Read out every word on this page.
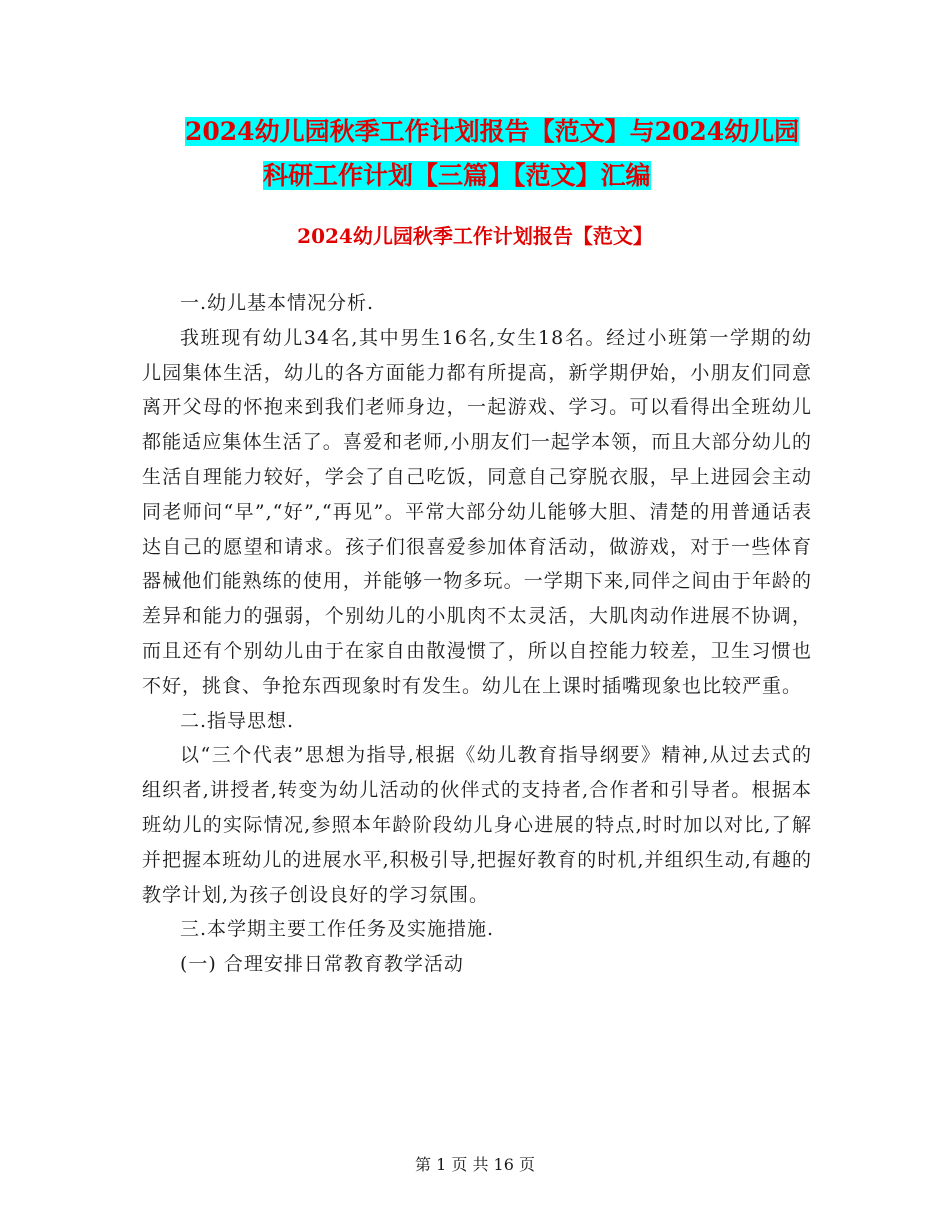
2024幼儿园秋季工作计划报告【范文】与2024幼儿园
科研工作计划【三篇】【范文】汇编
2024幼儿园秋季工作计划报告【范文】

一.幼儿基本情况分析.

我班现有幼儿34名,其中男生16名,女生18名。经过小班第一学期的幼儿园集体生活，幼儿的各方面能力都有所提高，新学期伊始，小朋友们同意离开父母的怀抱来到我们老师身边，一起游戏、学习。可以看得出全班幼儿都能适应集体生活了。喜爱和老师,小朋友们一起学本领，而且大部分幼儿的生活自理能力较好，学会了自己吃饭，同意自己穿脱衣服，早上进园会主动同老师问“早”,“好”,“再见”。平常大部分幼儿能够大胆、清楚的用普通话表达自己的愿望和请求。孩子们很喜爱参加体育活动，做游戏，对于一些体育器械他们能熟练的使用，并能够一物多玩。一学期下来,同伴之间由于年龄的差异和能力的强弱，个别幼儿的小肌肉不太灵活，大肌肉动作进展不协调，而且还有个别幼儿由于在家自由散漫惯了，所以自控能力较差，卫生习惯也不好，挑食、争抢东西现象时有发生。幼儿在上课时插嘴现象也比较严重。

二.指导思想.

以“三个代表”思想为指导,根据《幼儿教育指导纲要》精神,从过去式的组织者,讲授者,转变为幼儿活动的伙伴式的支持者,合作者和引导者。根据本班幼儿的实际情况,参照本年龄阶段幼儿身心进展的特点,时时加以对比,了解并把握本班幼儿的进展水平,积极引导,把握好教育的时机,并组织生动,有趣的教学计划,为孩子创设良好的学习氛围。

三.本学期主要工作任务及实施措施.

(一) 合理安排日常教育教学活动

第 1 页 共 16 页
